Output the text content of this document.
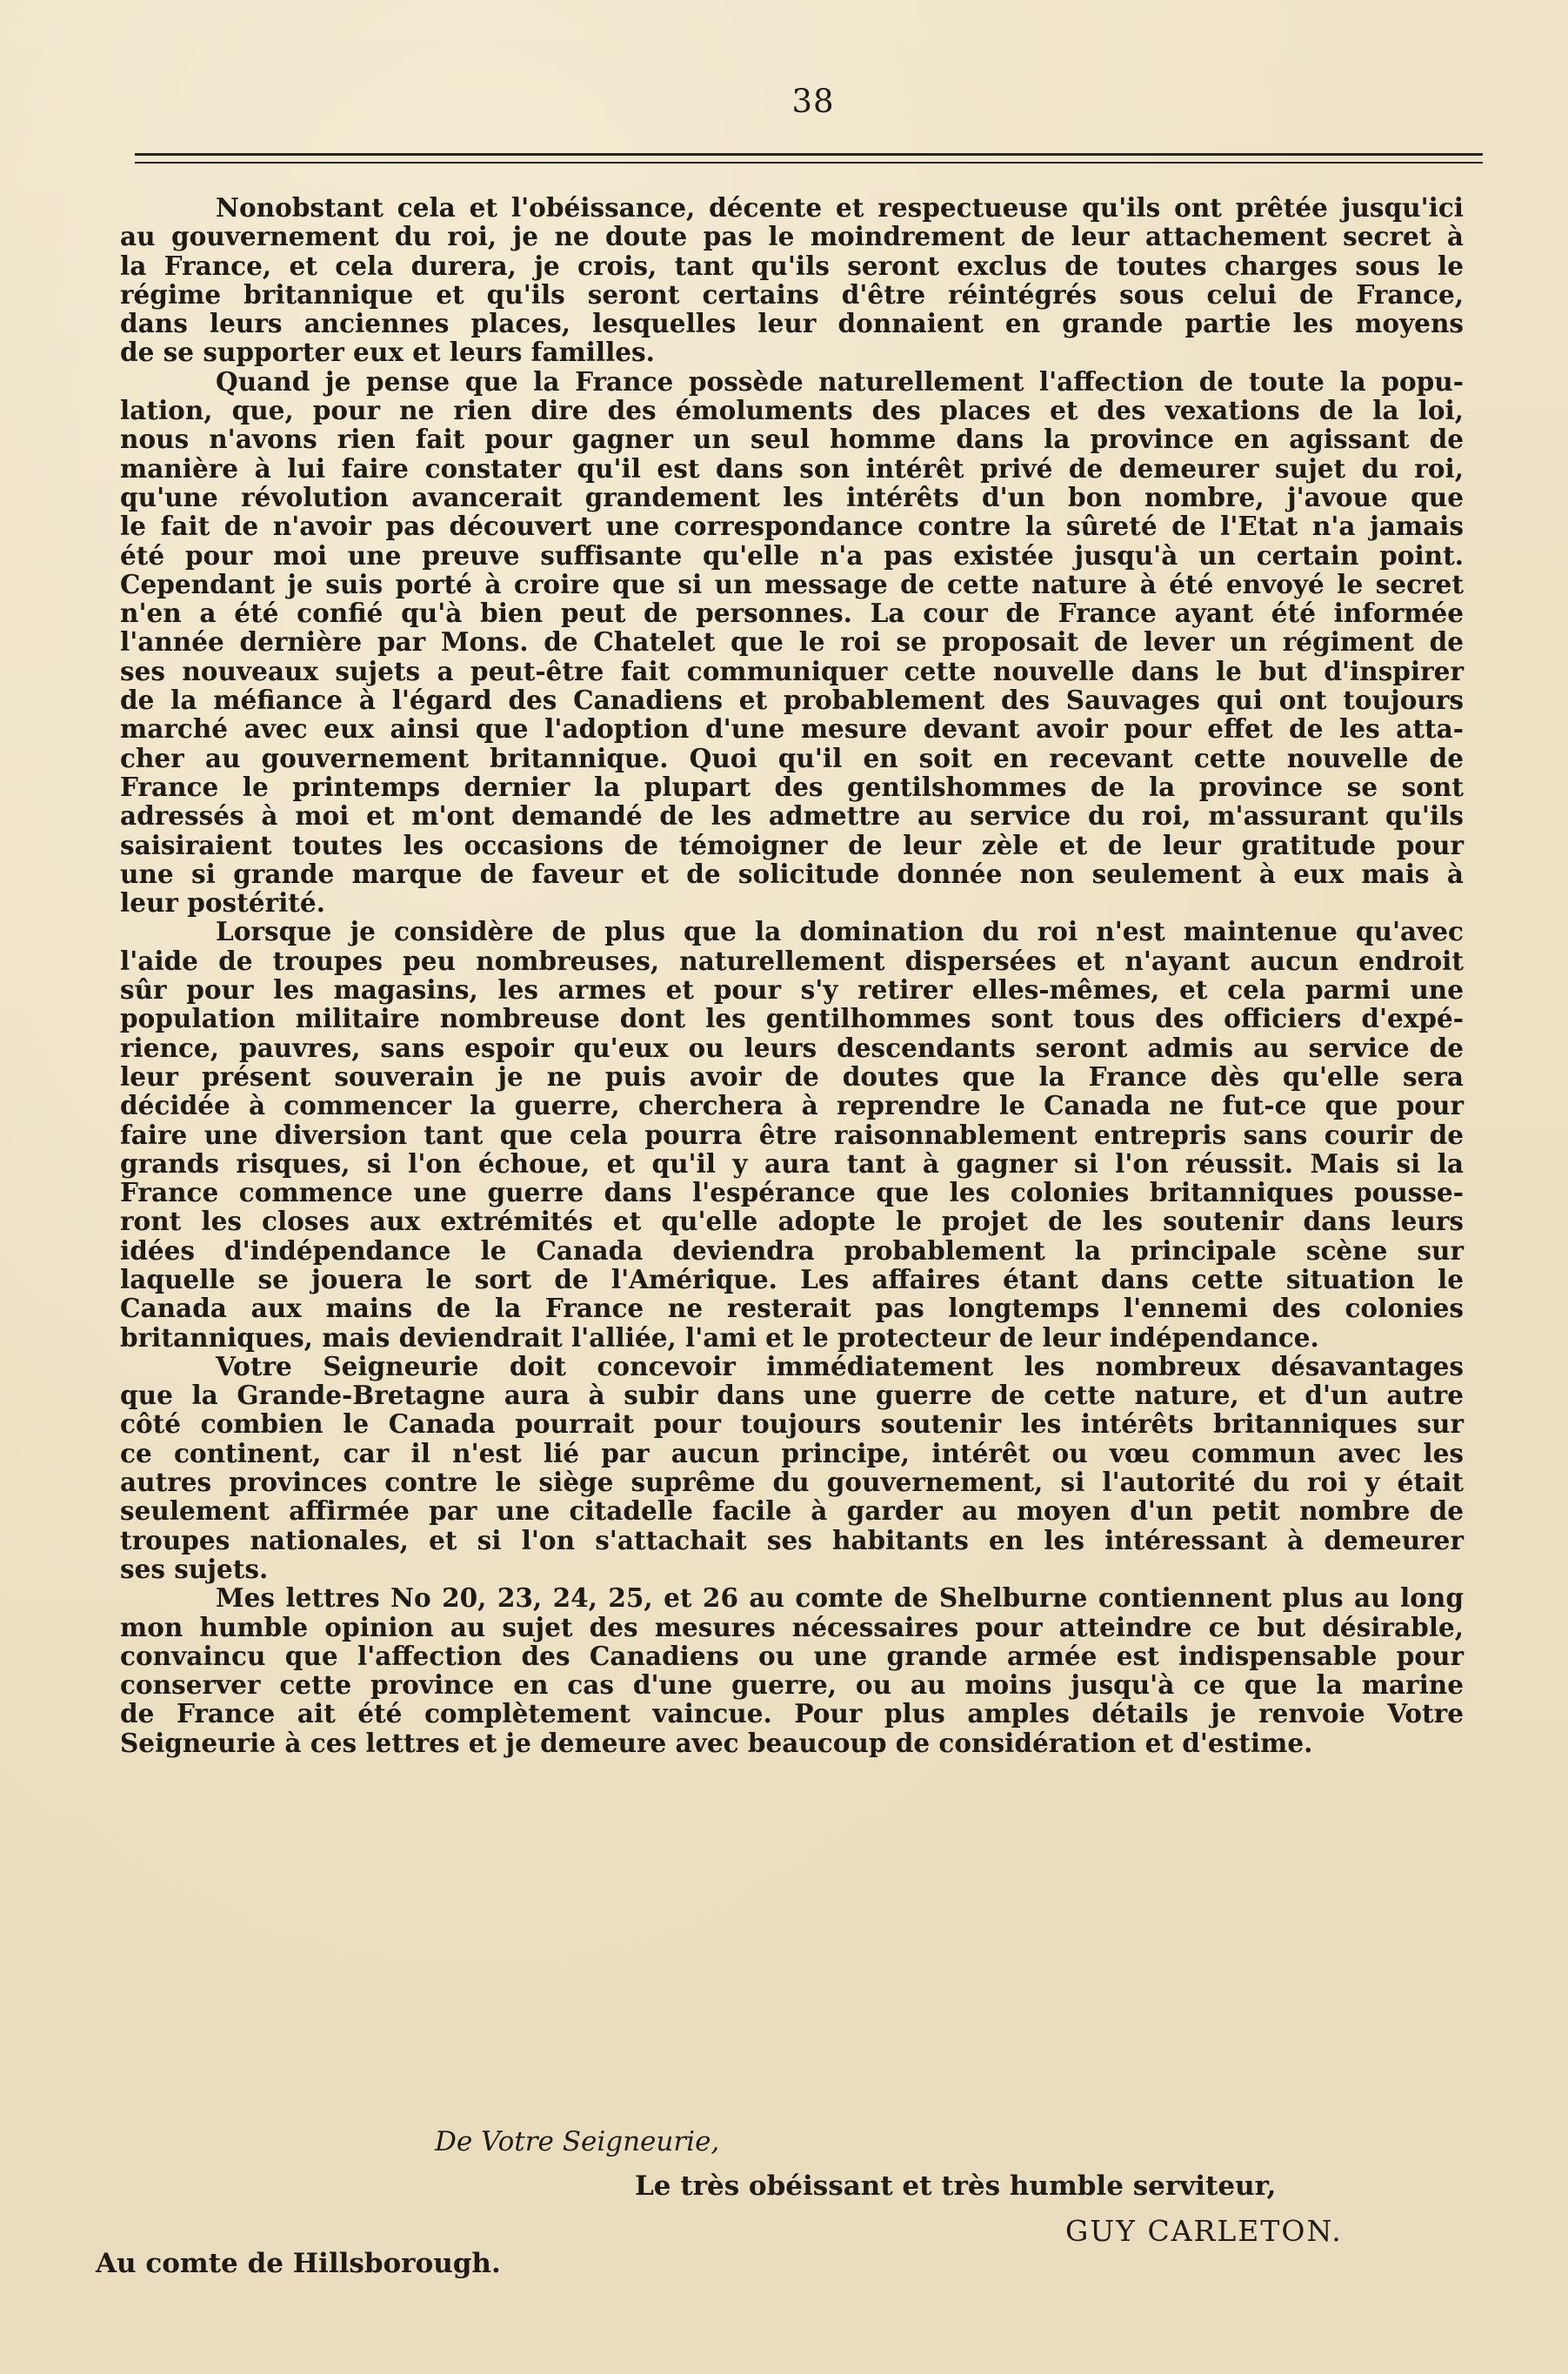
38
Nonobstant cela et l'obéissance, décente et respectueuse qu'ils ont prêtée jusqu'ici
au gouvernement du roi, je ne doute pas le moindrement de leur attachement secret à
la France, et cela durera, je crois, tant qu'ils seront exclus de toutes charges sous le
régime britannique et qu'ils seront certains d'être réintégrés sous celui de France,
dans leurs anciennes places, lesquelles leur donnaient en grande partie les moyens
de se supporter eux et leurs familles.
Quand je pense que la France possède naturellement l'affection de toute la popu-
lation, que, pour ne rien dire des émoluments des places et des vexations de la loi,
nous n'avons rien fait pour gagner un seul homme dans la province en agissant de
manière à lui faire constater qu'il est dans son intérêt privé de demeurer sujet du roi,
qu'une révolution avancerait grandement les intérêts d'un bon nombre, j'avoue que
le fait de n'avoir pas découvert une correspondance contre la sûreté de l'Etat n'a jamais
été pour moi une preuve suffisante qu'elle n'a pas existée jusqu'à un certain point.
Cependant je suis porté à croire que si un message de cette nature à été envoyé le secret
n'en a été confié qu'à bien peut de personnes. La cour de France ayant été informée
l'année dernière par Mons. de Chatelet que le roi se proposait de lever un régiment de
ses nouveaux sujets a peut-être fait communiquer cette nouvelle dans le but d'inspirer
de la méfiance à l'égard des Canadiens et probablement des Sauvages qui ont toujours
marché avec eux ainsi que l'adoption d'une mesure devant avoir pour effet de les atta-
cher au gouvernement britannique. Quoi qu'il en soit en recevant cette nouvelle de
France le printemps dernier la plupart des gentilshommes de la province se sont
adressés à moi et m'ont demandé de les admettre au service du roi, m'assurant qu'ils
saisiraient toutes les occasions de témoigner de leur zèle et de leur gratitude pour
une si grande marque de faveur et de solicitude donnée non seulement à eux mais à
leur postérité.
Lorsque je considère de plus que la domination du roi n'est maintenue qu'avec
l'aide de troupes peu nombreuses, naturellement dispersées et n'ayant aucun endroit
sûr pour les magasins, les armes et pour s'y retirer elles-mêmes, et cela parmi une
population militaire nombreuse dont les gentilhommes sont tous des officiers d'expé-
rience, pauvres, sans espoir qu'eux ou leurs descendants seront admis au service de
leur présent souverain je ne puis avoir de doutes que la France dès qu'elle sera
décidée à commencer la guerre, cherchera à reprendre le Canada ne fut-ce que pour
faire une diversion tant que cela pourra être raisonnablement entrepris sans courir de
grands risques, si l'on échoue, et qu'il y aura tant à gagner si l'on réussit. Mais si la
France commence une guerre dans l'espérance que les colonies britanniques pousse-
ront les closes aux extrémités et qu'elle adopte le projet de les soutenir dans leurs
idées d'indépendance le Canada deviendra probablement la principale scène sur
laquelle se jouera le sort de l'Amérique. Les affaires étant dans cette situation le
Canada aux mains de la France ne resterait pas longtemps l'ennemi des colonies
britanniques, mais deviendrait l'alliée, l'ami et le protecteur de leur indépendance.
Votre Seigneurie doit concevoir immédiatement les nombreux désavantages
que la Grande-Bretagne aura à subir dans une guerre de cette nature, et d'un autre
côté combien le Canada pourrait pour toujours soutenir les intérêts britanniques sur
ce continent, car il n'est lié par aucun principe, intérêt ou vœu commun avec les
autres provinces contre le siège suprême du gouvernement, si l'autorité du roi y était
seulement affirmée par une citadelle facile à garder au moyen d'un petit nombre de
troupes nationales, et si l'on s'attachait ses habitants en les intéressant à demeurer
ses sujets.
Mes lettres No 20, 23, 24, 25, et 26 au comte de Shelburne contiennent plus au long
mon humble opinion au sujet des mesures nécessaires pour atteindre ce but désirable,
convaincu que l'affection des Canadiens ou une grande armée est indispensable pour
conserver cette province en cas d'une guerre, ou au moins jusqu'à ce que la marine
de France ait été complètement vaincue. Pour plus amples détails je renvoie Votre
Seigneurie à ces lettres et je demeure avec beaucoup de considération et d'estime.
De Votre Seigneurie,
Le très obéissant et très humble serviteur,
GUY CARLETON.
Au comte de Hillsborough.
